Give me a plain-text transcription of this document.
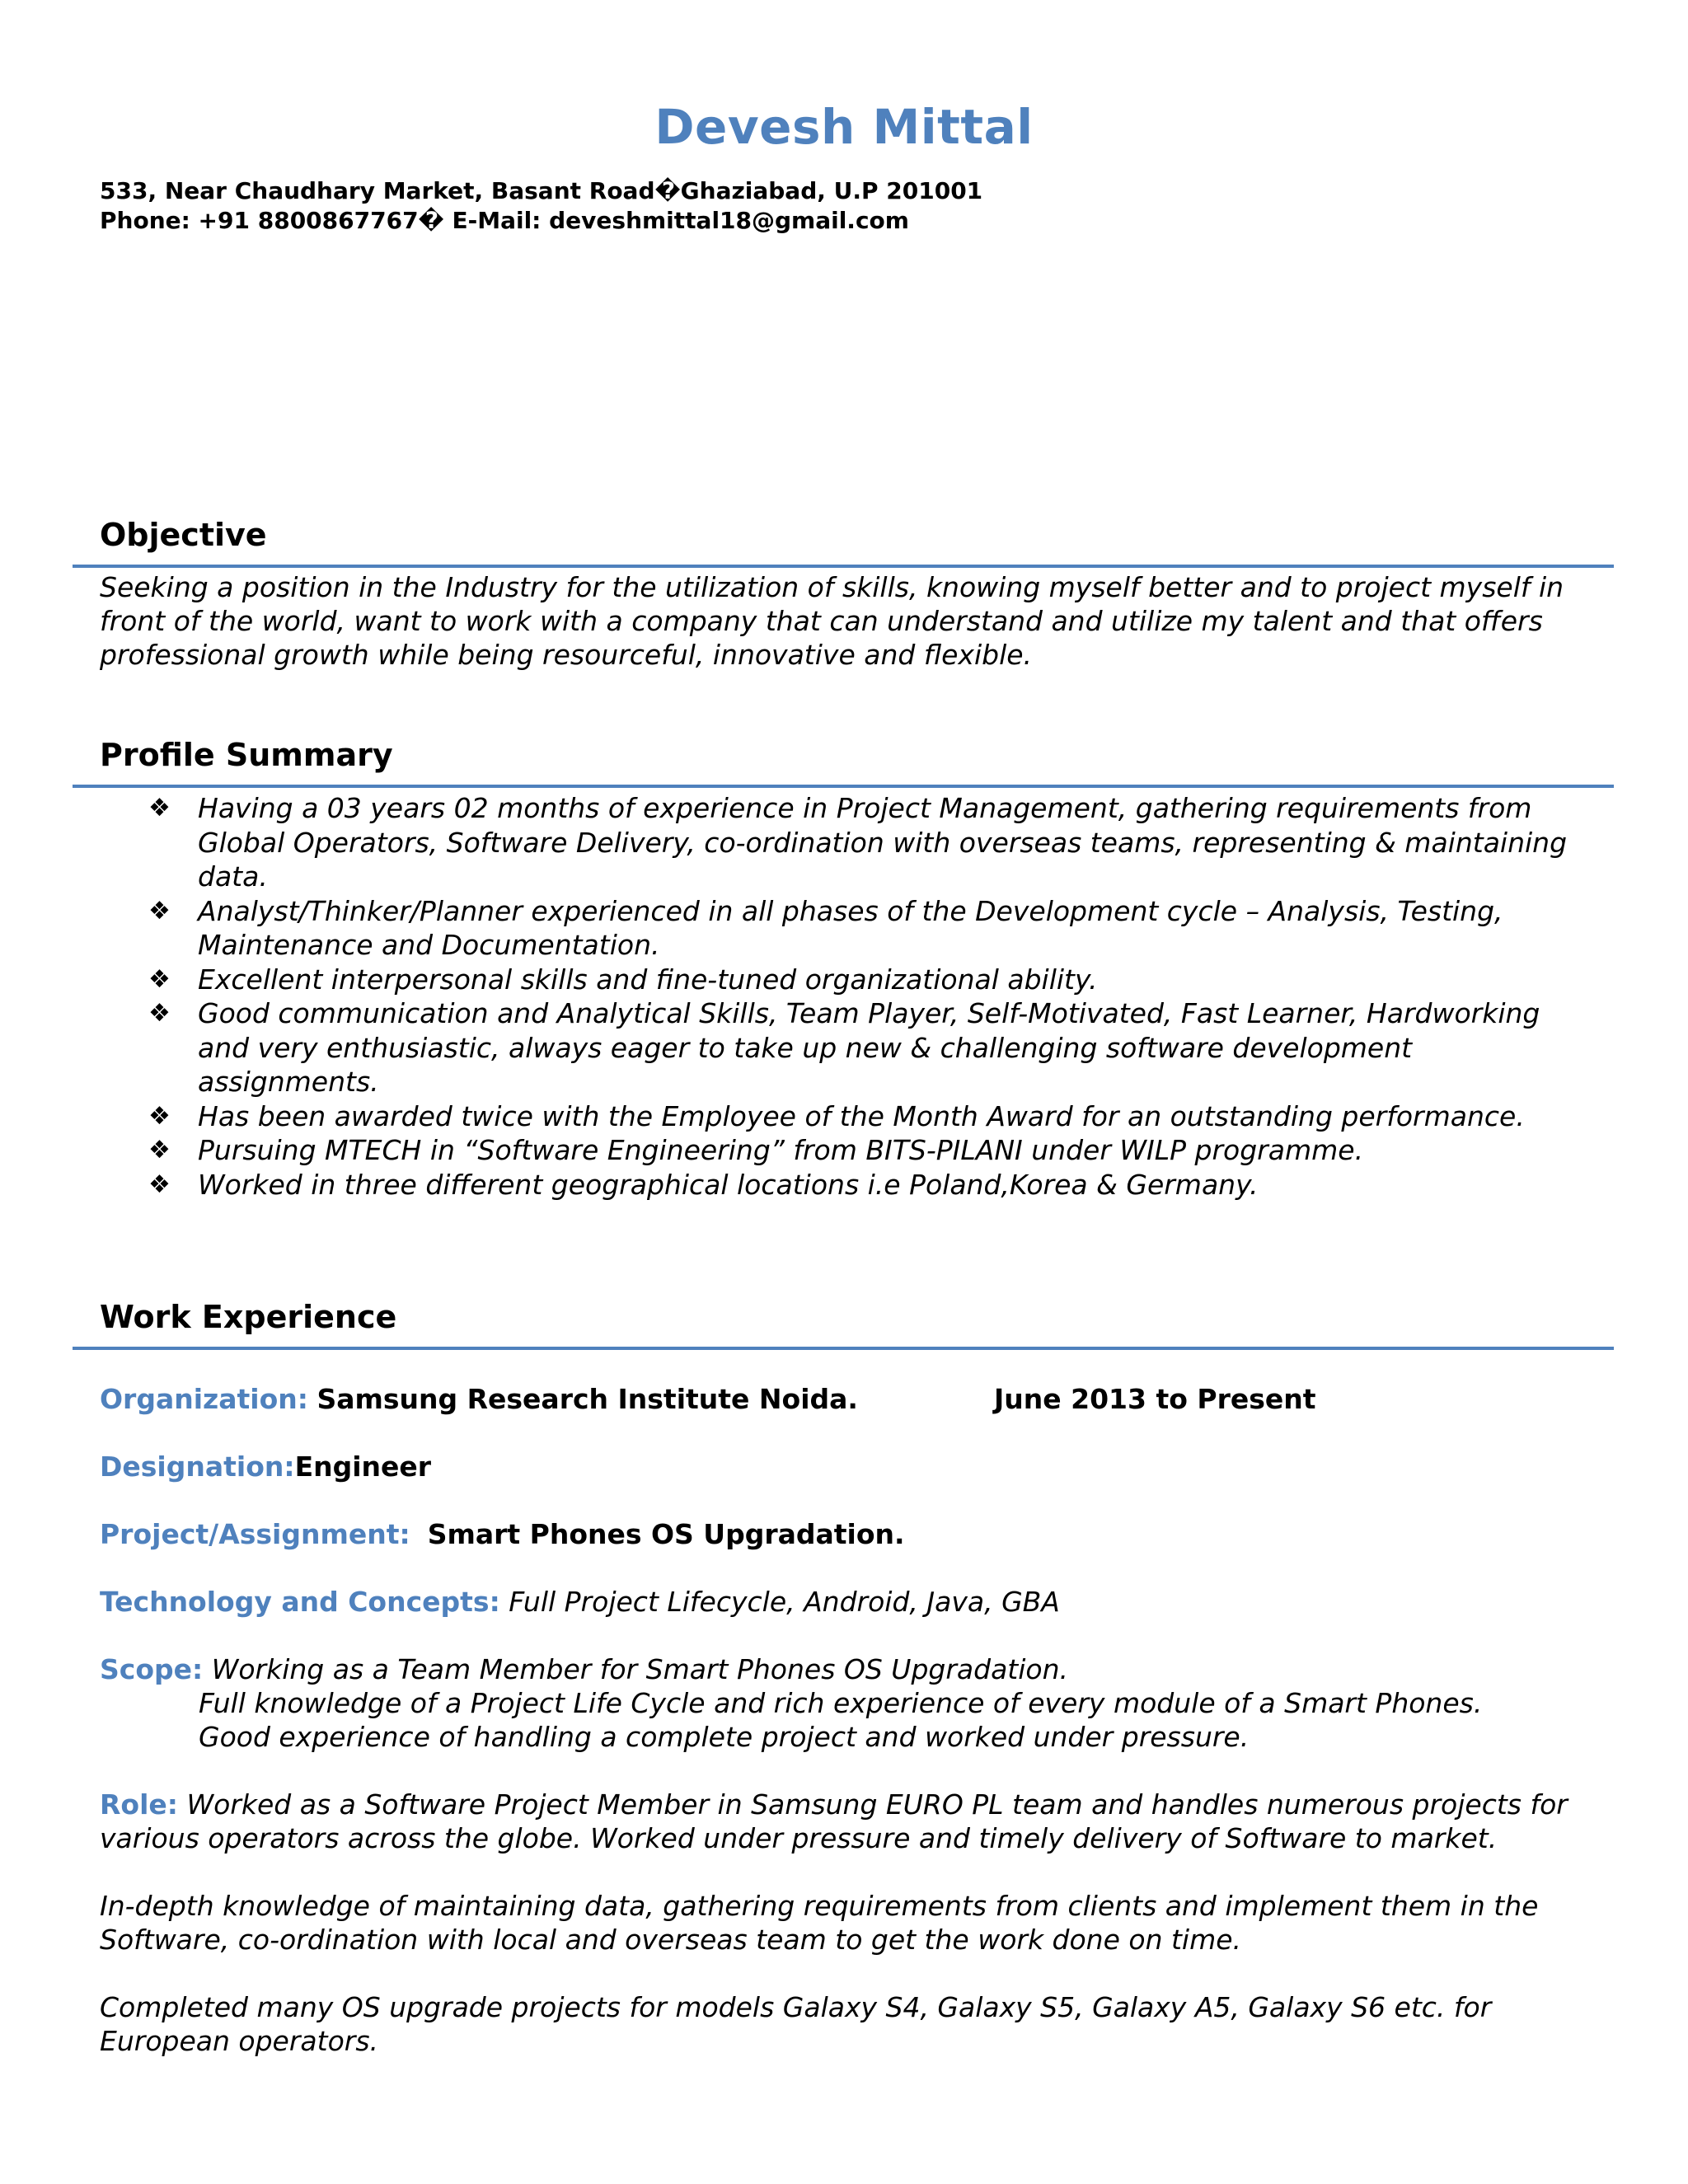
Devesh Mittal
533, Near Chaudhary Market, Basant Road�Ghaziabad, U.P 201001
Phone: +91 8800867767� E-Mail: deveshmittal18@gmail.com
Objective
Seeking a position in the Industry for the utilization of skills, knowing myself better and to project myself in front of the world, want to work with a company that can understand and utilize my talent and that offers professional growth while being resourceful, innovative and flexible.
Profile Summary
❖ Having a 03 years 02 months of experience in Project Management, gathering requirements from Global Operators, Software Delivery, co-ordination with overseas teams, representing & maintaining data.
❖ Analyst/Thinker/Planner experienced in all phases of the Development cycle – Analysis, Testing, Maintenance and Documentation.
❖ Excellent interpersonal skills and fine-tuned organizational ability.
❖ Good communication and Analytical Skills, Team Player, Self-Motivated, Fast Learner, Hardworking and very enthusiastic, always eager to take up new & challenging software development assignments.
❖ Has been awarded twice with the Employee of the Month Award for an outstanding performance.
❖ Pursuing MTECH in “Software Engineering” from BITS-PILANI under WILP programme.
❖ Worked in three different geographical locations i.e Poland,Korea & Germany.
Work Experience
Organization: Samsung Research Institute Noida.	June 2013 to Present
Designation:Engineer
Project/Assignment: Smart Phones OS Upgradation.
Technology and Concepts: Full Project Lifecycle, Android, Java, GBA
Scope: Working as a Team Member for Smart Phones OS Upgradation.
Full knowledge of a Project Life Cycle and rich experience of every module of a Smart Phones.
Good experience of handling a complete project and worked under pressure.
Role: Worked as a Software Project Member in Samsung EURO PL team and handles numerous projects for various operators across the globe. Worked under pressure and timely delivery of Software to market.
In-depth knowledge of maintaining data, gathering requirements from clients and implement them in the Software, co-ordination with local and overseas team to get the work done on time.
Completed many OS upgrade projects for models Galaxy S4, Galaxy S5, Galaxy A5, Galaxy S6 etc. for European operators.
